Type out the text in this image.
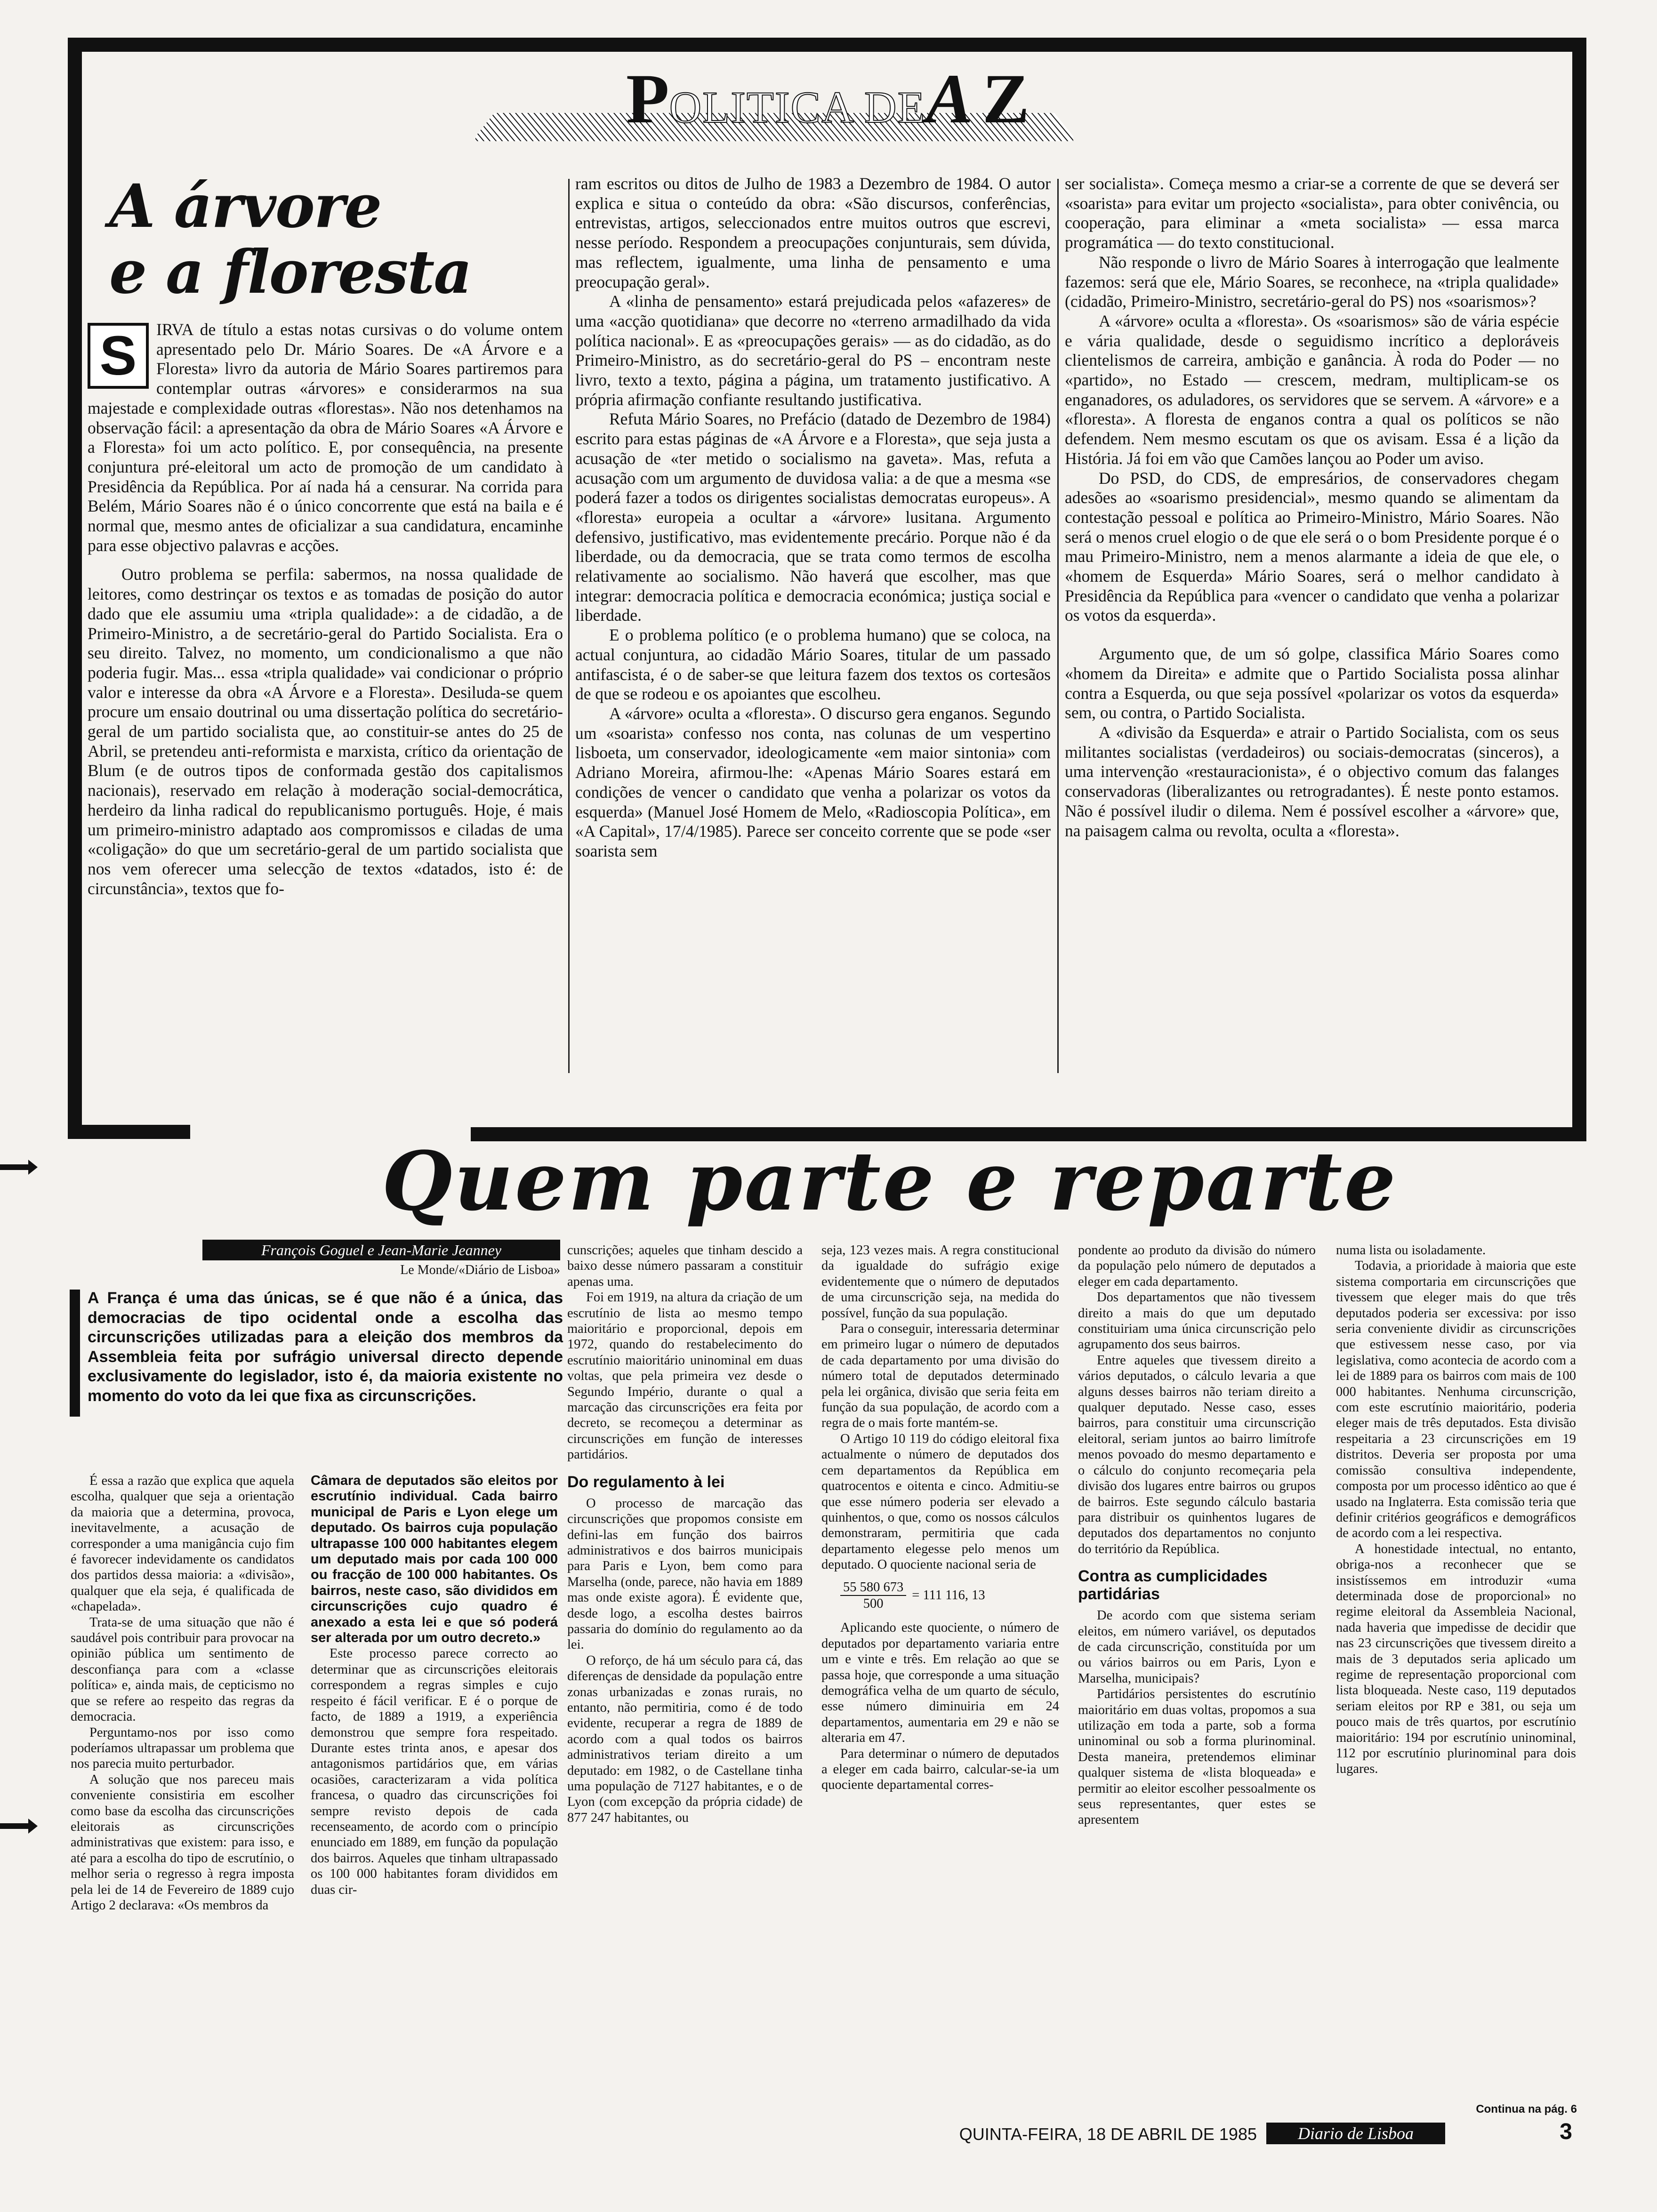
POLITICA DEA Z
A árvore
e a floresta
S	IRVA de título a estas notas cursivas o do volume ontem apresentado pelo Dr. Mário Soares. De «A Árvore e a Floresta» livro da autoria de Mário Soares partiremos para contemplar outras «árvores» e considerarmos na sua majestade e complexidade outras «florestas». Não nos detenhamos na observação fácil: a apresentação da obra de Mário Soares «A Árvore e a Floresta» foi um acto político. E, por consequência, na presente conjuntura pré-eleitoral um acto de promoção de um candidato à Presidência da República. Por aí nada há a censurar. Na corrida para Belém, Mário Soares não é o único concorrente que está na baila e é normal que, mesmo antes de oficializar a sua candidatura, encaminhe para esse objectivo palavras e acções.

Outro problema se perfila: sabermos, na nossa qualidade de leitores, como destrinçar os textos e as tomadas de posição do autor dado que ele assumiu uma «tripla qualidade»: a de cidadão, a de Primeiro-Ministro, a de secretário-geral do Partido Socialista. Era o seu direito. Talvez, no momento, um condicionalismo a que não poderia fugir. Mas... essa «tripla qualidade» vai condicionar o próprio valor e interesse da obra «A Árvore e a Floresta». Desiluda-se quem procure um ensaio doutrinal ou uma dissertação política do secretário-geral de um partido socialista que, ao constituir-se antes do 25 de Abril, se pretendeu anti-reformista e marxista, crítico da orientação de Blum (e de outros tipos de conformada gestão dos capitalismos nacionais), reservado em relação à moderação social-democrática, herdeiro da linha radical do republicanismo português. Hoje, é mais um primeiro-ministro adaptado aos compromissos e ciladas de uma «coligação» do que um secretário-geral de um partido socialista que nos vem oferecer uma selecção de textos «datados, isto é: de circunstância», textos que fo-

ram escritos ou ditos de Julho de 1983 a Dezembro de 1984. O autor explica e situa o conteúdo da obra: «São discursos, conferências, entrevistas, artigos, seleccionados entre muitos outros que escrevi, nesse período. Respondem a preocupações conjunturais, sem dúvida, mas reflectem, igualmente, uma linha de pensamento e uma preocupação geral».

A «linha de pensamento» estará prejudicada pelos «afazeres» de uma «acção quotidiana» que decorre no «terreno armadilhado da vida política nacional». E as «preocupações gerais» — as do cidadão, as do Primeiro-Ministro, as do secretário-geral do PS – encontram neste livro, texto a texto, página a página, um tratamento justificativo. A própria afirmação confiante resultando justificativa.

Refuta Mário Soares, no Prefácio (datado de Dezembro de 1984) escrito para estas páginas de «A Árvore e a Floresta», que seja justa a acusação de «ter metido o socialismo na gaveta». Mas, refuta a acusação com um argumento de duvidosa valia: a de que a mesma «se poderá fazer a todos os dirigentes socialistas democratas europeus». A «floresta» europeia a ocultar a «árvore» lusitana. Argumento defensivo, justificativo, mas evidentemente precário. Porque não é da liberdade, ou da democracia, que se trata como termos de escolha relativamente ao socialismo. Não haverá que escolher, mas que integrar: democracia política e democracia económica; justiça social e liberdade.

E o problema político (e o problema humano) que se coloca, na actual conjuntura, ao cidadão Mário Soares, titular de um passado antifascista, é o de saber-se que leitura fazem dos textos os cortesãos de que se rodeou e os apoiantes que escolheu.

A «árvore» oculta a «floresta». O discurso gera enganos. Segundo um «soarista» confesso nos conta, nas colunas de um vespertino lisboeta, um conservador, ideologicamente «em maior sintonia» com Adriano Moreira, afirmou-lhe: «Apenas Mário Soares estará em condições de vencer o candidato que venha a polarizar os votos da esquerda» (Manuel José Homem de Melo, «Radioscopia Política», em «A Capital», 17/4/1985). Parece ser conceito corrente que se pode «ser soarista sem

ser socialista». Começa mesmo a criar-se a corrente de que se deverá ser «soarista» para evitar um projecto «socialista», para obter conivência, ou cooperação, para eliminar a «meta socialista» — essa marca programática — do texto constitucional.

Não responde o livro de Mário Soares à interrogação que lealmente fazemos: será que ele, Mário Soares, se reconhece, na «tripla qualidade» (cidadão, Primeiro-Ministro, secretário-geral do PS) nos «soarismos»?

A «árvore» oculta a «floresta». Os «soarismos» são de vária espécie e vária qualidade, desde o seguidismo incrítico a deploráveis clientelismos de carreira, ambição e ganância. À roda do Poder — no «partido», no Estado — crescem, medram, multiplicam-se os enganadores, os aduladores, os servidores que se servem. A «árvore» e a «floresta». A floresta de enganos contra a qual os políticos se não defendem. Nem mesmo escutam os que os avisam. Essa é a lição da História. Já foi em vão que Camões lançou ao Poder um aviso.

Do PSD, do CDS, de empresários, de conservadores chegam adesões ao «soarismo presidencial», mesmo quando se alimentam da contestação pessoal e política ao Primeiro-Ministro, Mário Soares. Não será o menos cruel elogio o de que ele será o o bom Presidente porque é o mau Primeiro-Ministro, nem a menos alarmante a ideia de que ele, o «homem de Esquerda» Mário Soares, será o melhor candidato à Presidência da República para «vencer o candidato que venha a polarizar os votos da esquerda».

Argumento que, de um só golpe, classifica Mário Soares como «homem da Direita» e admite que o Partido Socialista possa alinhar contra a Esquerda, ou que seja possível «polarizar os votos da esquerda» sem, ou contra, o Partido Socialista.

A «divisão da Esquerda» e atrair o Partido Socialista, com os seus militantes socialistas (verdadeiros) ou sociais-democratas (sinceros), a uma intervenção «restauracionista», é o objectivo comum das falanges conservadoras (liberalizantes ou retrogradantes). É neste ponto estamos. Não é possível iludir o dilema. Nem é possível escolher a «árvore» que, na paisagem calma ou revolta, oculta a «floresta».

Quem parte e reparte
François Goguel e Jean-Marie Jeanney
Le Monde/«Diário de Lisboa»
A França é uma das únicas, se é que não é a única, das democracias de tipo ocidental onde a escolha das circunscrições utilizadas para a eleição dos membros da Assembleia feita por sufrágio universal directo depende exclusivamente do legislador, isto é, da maioria existente no momento do voto da lei que fixa as circunscrições.

É essa a razão que explica que aquela escolha, qualquer que seja a orientação da maioria que a determina, provoca, inevitavelmente, a acusação de corresponder a uma manigância cujo fim é favorecer indevidamente os candidatos dos partidos dessa maioria: a «divisão», qualquer que ela seja, é qualificada de «chapelada».

Trata-se de uma situação que não é saudável pois contribuir para provocar na opinião pública um sentimento de desconfiança para com a «classe política» e, ainda mais, de cepticismo no que se refere ao respeito das regras da democracia.

Perguntamo-nos por isso como poderíamos ultrapassar um problema que nos parecia muito perturbador.

A solução que nos pareceu mais conveniente consistiria em escolher como base da escolha das circunscrições eleitorais as circunscrições administrativas que existem: para isso, e até para a escolha do tipo de escrutínio, o melhor seria o regresso à regra imposta pela lei de 14 de Fevereiro de 1889 cujo Artigo 2 declarava: «Os membros da

Câmara de deputados são eleitos por escrutínio individual. Cada bairro municipal de Paris e Lyon elege um deputado. Os bairros cuja população ultrapasse 100 000 habitantes elegem um deputado mais por cada 100 000 ou fracção de 100 000 habitantes. Os bairros, neste caso, são divididos em circunscrições cujo quadro é anexado a esta lei e que só poderá ser alterada por um outro decreto.»

Este processo parece correcto ao determinar que as circunscrições eleitorais correspondem a regras simples e cujo respeito é fácil verificar. E é o porque de facto, de 1889 a 1919, a experiência demonstrou que sempre fora respeitado. Durante estes trinta anos, e apesar dos antagonismos partidários que, em várias ocasiões, caracterizaram a vida política francesa, o quadro das circunscrições foi sempre revisto depois de cada recenseamento, de acordo com o princípio enunciado em 1889, em função da população dos bairros. Aqueles que tinham ultrapassado os 100 000 habitantes foram divididos em duas cir-

cunscrições; aqueles que tinham descido a baixo desse número passaram a constituir apenas uma.

Foi em 1919, na altura da criação de um escrutínio de lista ao mesmo tempo maioritário e proporcional, depois em 1972, quando do restabelecimento do escrutínio maioritário uninominal em duas voltas, que pela primeira vez desde o Segundo Império, durante o qual a marcação das circunscrições era feita por decreto, se recomeçou a determinar as circunscrições em função de interesses partidários.

Do regulamento à lei

O processo de marcação das circunscrições que propomos consiste em defini-las em função dos bairros administrativos e dos bairros municipais para Paris e Lyon, bem como para Marselha (onde, parece, não havia em 1889 mas onde existe agora). É evidente que, desde logo, a escolha destes bairros passaria do domínio do regulamento ao da lei.

O reforço, de há um século para cá, das diferenças de densidade da população entre zonas urbanizadas e zonas rurais, no entanto, não permitiria, como é de todo evidente, recuperar a regra de 1889 de acordo com a qual todos os bairros administrativos teriam direito a um deputado: em 1982, o de Castellane tinha uma população de 7127 habitantes, e o de Lyon (com excepção da própria cidade) de 877 247 habitantes, ou

seja, 123 vezes mais. A regra constitucional da igualdade do sufrágio exige evidentemente que o número de deputados de uma circunscrição seja, na medida do possível, função da sua população.

Para o conseguir, interessaria determinar em primeiro lugar o número de deputados de cada departamento por uma divisão do número total de deputados determinado pela lei orgânica, divisão que seria feita em função da sua população, de acordo com a regra de o mais forte mantém-se.

O Artigo 10 119 do código eleitoral fixa actualmente o número de deputados dos cem departamentos da República em quatrocentos e oitenta e cinco. Admitiu-se que esse número poderia ser elevado a quinhentos, o que, como os nossos cálculos demonstraram, permitiria que cada departamento elegesse pelo menos um deputado. O quociente nacional seria de

$\frac{55 580 673}{500} = 111$ 116, 13

Aplicando este quociente, o número de deputados por departamento variaria entre um e vinte e três. Em relação ao que se passa hoje, que corresponde a uma situação demográfica velha de um quarto de século, esse número diminuiria em 24 departamentos, aumentaria em 29 e não se alteraria em 47.

Para determinar o número de deputados a eleger em cada bairro, calcular-se-ia um quociente departamental corres-

pondente ao produto da divisão do número da população pelo número de deputados a eleger em cada departamento.

Dos departamentos que não tivessem direito a mais do que um deputado constituiriam uma única circunscrição pelo agrupamento dos seus bairros.

Entre aqueles que tivessem direito a vários deputados, o cálculo levaria a que alguns desses bairros não teriam direito a qualquer deputado. Nesse caso, esses bairros, para constituir uma circunscrição eleitoral, seriam juntos ao bairro limítrofe menos povoado do mesmo departamento e o cálculo do conjunto recomeçaria pela divisão dos lugares entre bairros ou grupos de bairros. Este segundo cálculo bastaria para distribuir os quinhentos lugares de deputados dos departamentos no conjunto do território da República.

Contra as cumplicidades partidárias

De acordo com que sistema seriam eleitos, em número variável, os deputados de cada circunscrição, constituída por um ou vários bairros ou em Paris, Lyon e Marselha, municipais?

Partidários persistentes do escrutínio maioritário em duas voltas, propomos a sua utilização em toda a parte, sob a forma uninominal ou sob a forma plurinominal. Desta maneira, pretendemos eliminar qualquer sistema de «lista bloqueada» e permitir ao eleitor escolher pessoalmente os seus representantes, quer estes se apresentem

numa lista ou isoladamente.

Todavia, a prioridade à maioria que este sistema comportaria em circunscrições que tivessem que eleger mais do que três deputados poderia ser excessiva: por isso seria conveniente dividir as circunscrições que estivessem nesse caso, por via legislativa, como acontecia de acordo com a lei de 1889 para os bairros com mais de 100 000 habitantes. Nenhuma circunscrição, com este escrutínio maioritário, poderia eleger mais de três deputados. Esta divisão respeitaria a 23 circunscrições em 19 distritos. Deveria ser proposta por uma comissão consultiva independente, composta por um processo idêntico ao que é usado na Inglaterra. Esta comissão teria que definir critérios geográficos e demográficos de acordo com a lei respectiva.

A honestidade intectual, no entanto, obriga-nos a reconhecer que se insistíssemos em introduzir «uma determinada dose de proporcional» no regime eleitoral da Assembleia Nacional, nada haveria que impedisse de decidir que nas 23 circunscrições que tivessem direito a mais de 3 deputados seria aplicado um regime de representação proporcional com lista bloqueada. Neste caso, 119 deputados seriam eleitos por RP e 381, ou seja um pouco mais de três quartos, por escrutínio maioritário: 194 por escrutínio uninominal, 112 por escrutínio plurinominal para dois lugares.

Continua na pág. 6
QUINTA-FEIRA, 18 DE ABRIL DE 1985	Diario de Lisboa	3
